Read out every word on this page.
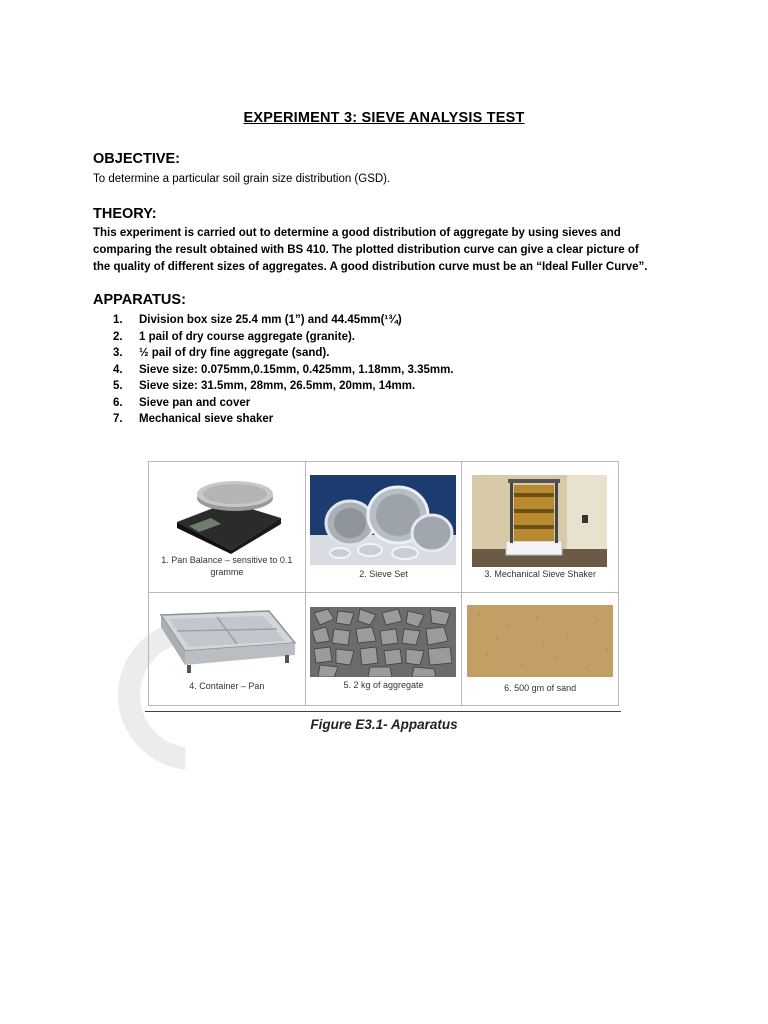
EXPERIMENT 3: SIEVE ANALYSIS TEST
OBJECTIVE:
To determine a particular soil grain size distribution (GSD).
THEORY:
This experiment is carried out to determine a good distribution of aggregate by using sieves and
comparing the result obtained with BS 410. The plotted distribution curve can give a clear picture of
the quality of different sizes of aggregates. A good distribution curve must be an “Ideal Fuller Curve”.
APPARATUS:
1.	Division box size 25.4 mm (1”) and 44.45mm(¹¾)
2.	1 pail of dry course aggregate (granite).
3.	½ pail of dry fine aggregate (sand).
4.	Sieve size: 0.075mm,0.15mm, 0.425mm, 1.18mm, 3.35mm.
5.	Sieve size: 31.5mm, 28mm, 26.5mm, 20mm, 14mm.
6.	Sieve pan and cover
7.	Mechanical sieve shaker
1. Pan Balance – sensitive to 0.1
gramme	2. Sieve Set	3. Mechanical Sieve Shaker

4. Container – Pan	5. 2 kg of aggregate	6. 500 gm of sand
Figure E3.1- Apparatus
